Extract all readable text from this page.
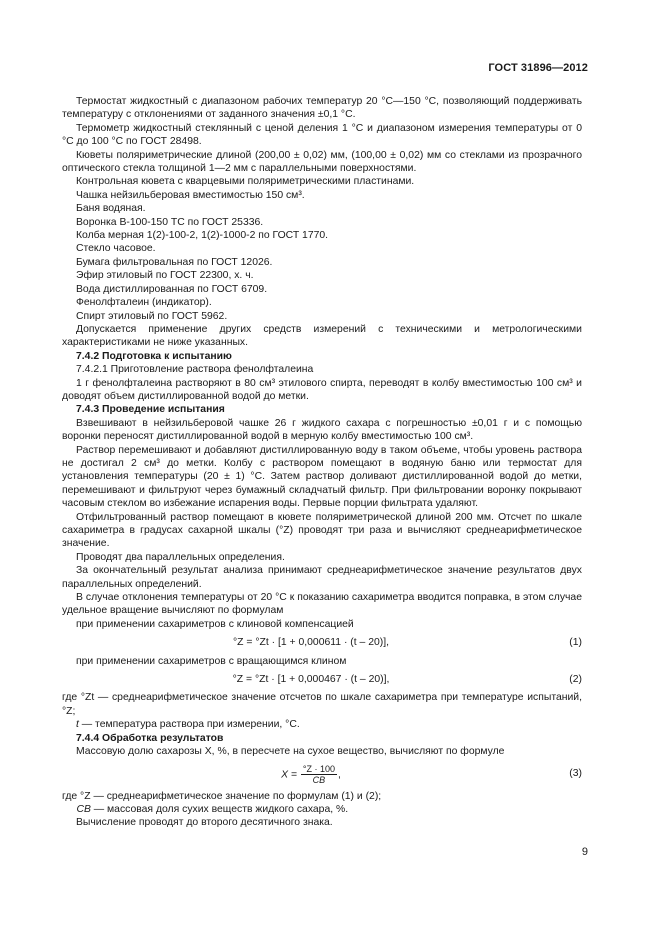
ГОСТ 31896—2012

Термостат жидкостный с диапазоном рабочих температур 20 °С—150 °С, позволяющий поддерживать температуру с отклонениями от заданного значения ±0,1 °С.

Термометр жидкостный стеклянный с ценой деления 1 °С и диапазоном измерения температуры от 0 °С до 100 °С по ГОСТ 28498.

Кюветы поляриметрические длиной (200,00 ± 0,02) мм, (100,00 ± 0,02) мм со стеклами из прозрачного оптического стекла толщиной 1—2 мм с параллельными поверхностями.

Контрольная кювета с кварцевыми поляриметрическими пластинами.

Чашка нейзильберовая вместимостью 150 см³.

Баня водяная.

Воронка В-100-150 ТС по ГОСТ 25336.

Колба мерная 1(2)-100-2, 1(2)-1000-2 по ГОСТ 1770.

Стекло часовое.

Бумага фильтровальная по ГОСТ 12026.

Эфир этиловый по ГОСТ 22300, х. ч.

Вода дистиллированная по ГОСТ 6709.

Фенолфталеин (индикатор).

Спирт этиловый по ГОСТ 5962.

Допускается применение других средств измерений с техническими и метрологическими характеристиками не ниже указанных.

7.4.2 Подготовка к испытанию

7.4.2.1 Приготовление раствора фенолфталеина

1 г фенолфталеина растворяют в 80 см³ этилового спирта, переводят в колбу вместимостью 100 см³ и доводят объем дистиллированной водой до метки.

7.4.3 Проведение испытания

Взвешивают в нейзильберовой чашке 26 г жидкого сахара с погрешностью ±0,01 г и с помощью воронки переносят дистиллированной водой в мерную колбу вместимостью 100 см³.

Раствор перемешивают и добавляют дистиллированную воду в таком объеме, чтобы уровень раствора не достигал 2 см³ до метки. Колбу с раствором помещают в водяную баню или термостат для установления температуры (20 ± 1) °С. Затем раствор доливают дистиллированной водой до метки, перемешивают и фильтруют через бумажный складчатый фильтр. При фильтровании воронку покрывают часовым стеклом во избежание испарения воды. Первые порции фильтрата удаляют.

Отфильтрованный раствор помещают в кювете поляриметрической длиной 200 мм. Отсчет по шкале сахариметра в градусах сахарной шкалы (°Z) проводят три раза и вычисляют среднеарифметическое значение.

Проводят два параллельных определения.

За окончательный результат анализа принимают среднеарифметическое значение результатов двух параллельных определений.

В случае отклонения температуры от 20 °С к показанию сахариметра вводится поправка, в этом случае удельное вращение вычисляют по формулам

при применении сахариметров с клиновой компенсацией

°Z = °Zt · [1 + 0,000611 · (t – 20)],	(1)

при применении сахариметров с вращающимся клином

°Z = °Zt · [1 + 0,000467 · (t – 20)],	(2)

где °Zt — среднеарифметическое значение отсчетов по шкале сахариметра при температуре испытаний, °Z;

t — температура раствора при измерении, °С.

7.4.4 Обработка результатов

Массовую долю сахарозы X, %, в пересчете на сухое вещество, вычисляют по формуле

$X = \frac{^\circ Z \cdot 100}{СВ}$ ,	(3)

где °Z — среднеарифметическое значение по формулам (1) и (2);

СВ — массовая доля сухих веществ жидкого сахара, %.

Вычисление проводят до второго десятичного знака.

9
